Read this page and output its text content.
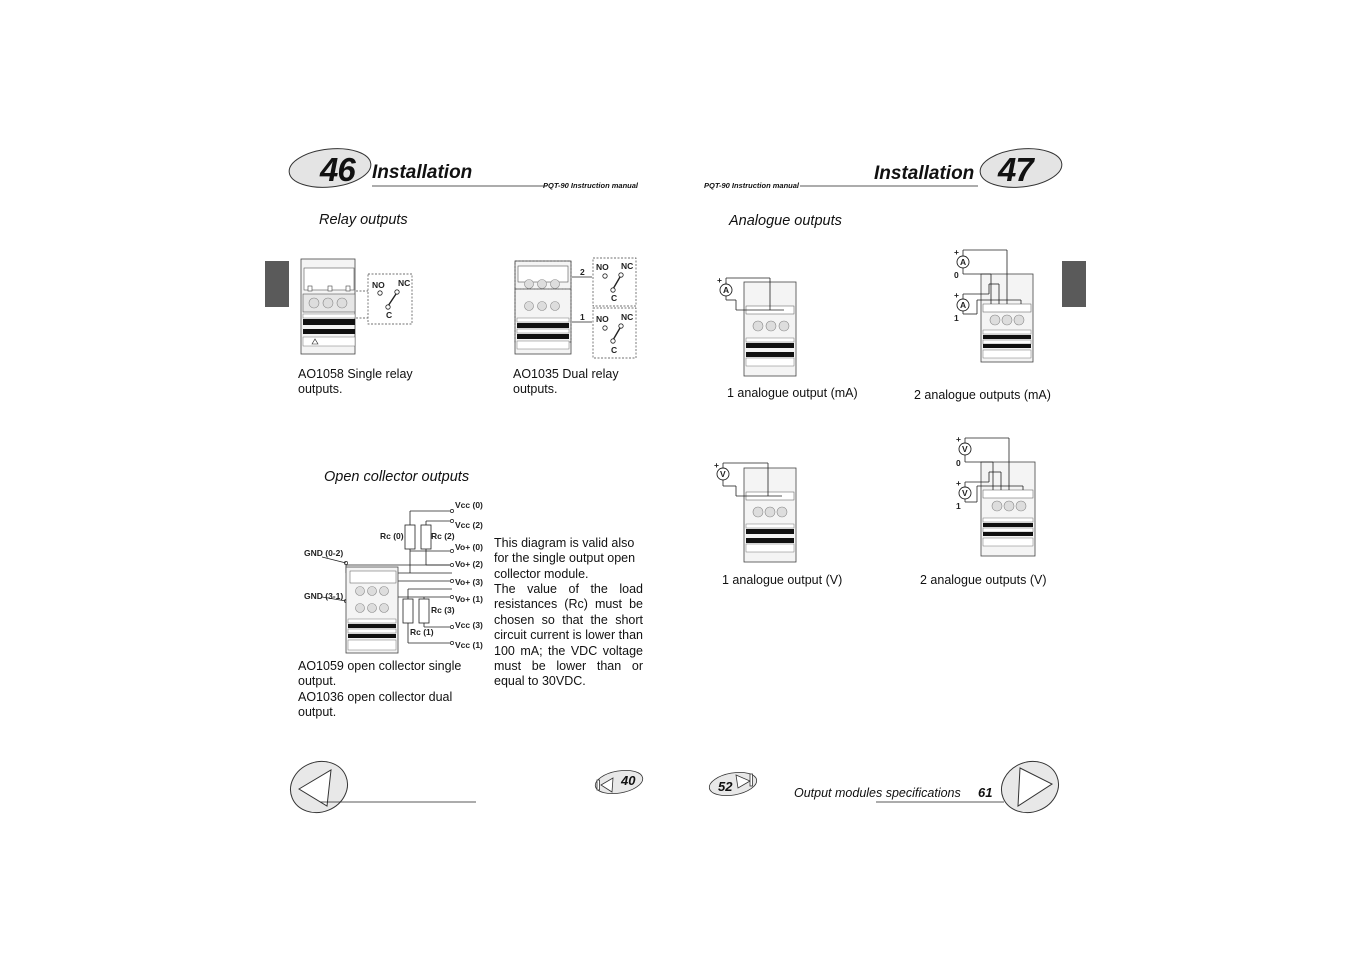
46 Installation
PQT-90 Instruction manual
Relay outputs
NO NC
C
AO1058 Single relay
outputs.
2
1
NO NC
C
NO NC
C
AO1035 Dual relay
outputs.
Open collector outputs
Vcc (0)
Vcc (2)
Rc (0)	Rc (2)
Vo+ (0)
GND (0-2)
Vo+ (2)
Vo+ (3)
GND (3-1)	Vo+ (1)
Rc (3)
Rc (1)
Vcc (3)
Vcc (1)
AO1059 open collector single
output.
AO1036 open collector dual
output.
This diagram is valid also for the single output open collector module.
The value of the load resistances (Rc) must be chosen so that the short circuit current is lower than 100 mA; the VDC voltage must be lower than or equal to 30VDC.
40
PQT-90 Instruction manual
Installation 47
Analogue outputs
A
+
1 analogue output (mA)
A
+
0
A
+
1
2 analogue outputs (mA)
V
+
1 analogue output (V)
V
+
0
V
+
1
2 analogue outputs (V)
52	Output modules specifications 61
